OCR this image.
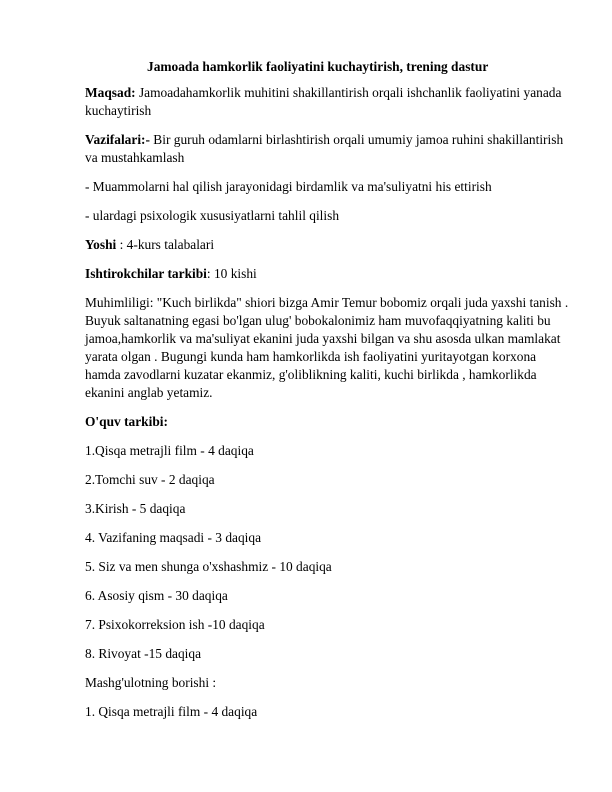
Jamoada hamkorlik faoliyatini kuchaytirish, trening dastur

Maqsad: Jamoadahamkorlik muhitini shakillantirish orqali ishchanlik faoliyatini yanada kuchaytirish

Vazifalari:- Bir guruh odamlarni birlashtirish orqali umumiy jamoa ruhini shakillantirish va mustahkamlash

- Muammolarni hal qilish jarayonidagi birdamlik va ma'suliyatni his ettirish

- ulardagi psixologik xususiyatlarni tahlil qilish

Yoshi : 4-kurs talabalari

Ishtirokchilar tarkibi: 10 kishi

Muhimliligi: "Kuch birlikda" shiori bizga Amir Temur bobomiz orqali juda yaxshi tanish . Buyuk saltanatning egasi bo'lgan ulug' bobokalonimiz ham muvofaqqiyatning kaliti bu jamoa,hamkorlik va ma'suliyat ekanini juda yaxshi bilgan va shu asosda ulkan mamlakat yarata olgan . Bugungi kunda ham hamkorlikda ish faoliyatini yuritayotgan korxona hamda zavodlarni kuzatar ekanmiz, g'oliblikning kaliti, kuchi birlikda , hamkorlikda ekanini anglab yetamiz.

O'quv tarkibi:

1.Qisqa metrajli film - 4 daqiqa
2.Tomchi suv - 2 daqiqa
3.Kirish - 5 daqiqa
4. Vazifaning maqsadi - 3 daqiqa
5. Siz va men shunga o'xshashmiz - 10 daqiqa
6. Asosiy qism - 30 daqiqa
7. Psixokorreksion ish -10 daqiqa
8. Rivoyat -15 daqiqa
Mashg'ulotning borishi :
1. Qisqa metrajli film - 4 daqiqa
